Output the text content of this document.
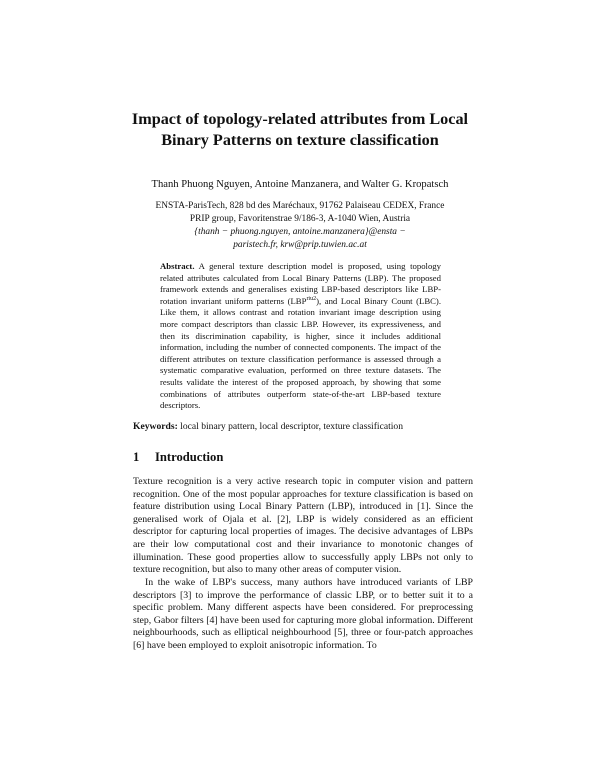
Impact of topology-related attributes from Local
Binary Patterns on texture classification
Thanh Phuong Nguyen, Antoine Manzanera, and Walter G. Kropatsch
ENSTA-ParisTech, 828 bd des Maréchaux, 91762 Palaiseau CEDEX, France
PRIP group, Favoritenstrae 9/186-3, A-1040 Wien, Austria
{thanh − phuong.nguyen, antoine.manzanera}@ensta −
paristech.fr, krw@prip.tuwien.ac.at
Abstract. A general texture description model is proposed, using topology related attributes calculated from Local Binary Patterns (LBP). The proposed framework extends and generalises existing LBP-based descriptors like LBP-rotation invariant uniform patterns $(LBP^{riu2})$, and Local Binary Count (LBC). Like them, it allows contrast and rotation invariant image description using more compact descriptors than classic LBP. However, its expressiveness, and then its discrimination capability, is higher, since it includes additional information, including the number of connected components. The impact of the different attributes on texture classification performance is assessed through a systematic comparative evaluation, performed on three texture datasets. The results validate the interest of the proposed approach, by showing that some combinations of attributes outperform state-of-the-art LBP-based texture descriptors.
Keywords: local binary pattern, local descriptor, texture classification
1 Introduction
Texture recognition is a very active research topic in computer vision and pattern recognition. One of the most popular approaches for texture classification is based on feature distribution using Local Binary Pattern (LBP), introduced in [1]. Since the generalised work of Ojala et al. [2], LBP is widely considered as an efficient descriptor for capturing local properties of images. The decisive advantages of LBPs are their low computational cost and their invariance to monotonic changes of illumination. These good properties allow to successfully apply LBPs not only to texture recognition, but also to many other areas of computer vision.
In the wake of LBP's success, many authors have introduced variants of LBP descriptors [3] to improve the performance of classic LBP, or to better suit it to a specific problem. Many different aspects have been considered. For preprocessing step, Gabor filters [4] have been used for capturing more global information. Different neighbourhoods, such as elliptical neighbourhood [5], three or four-patch approaches [6] have been employed to exploit anisotropic information. To
